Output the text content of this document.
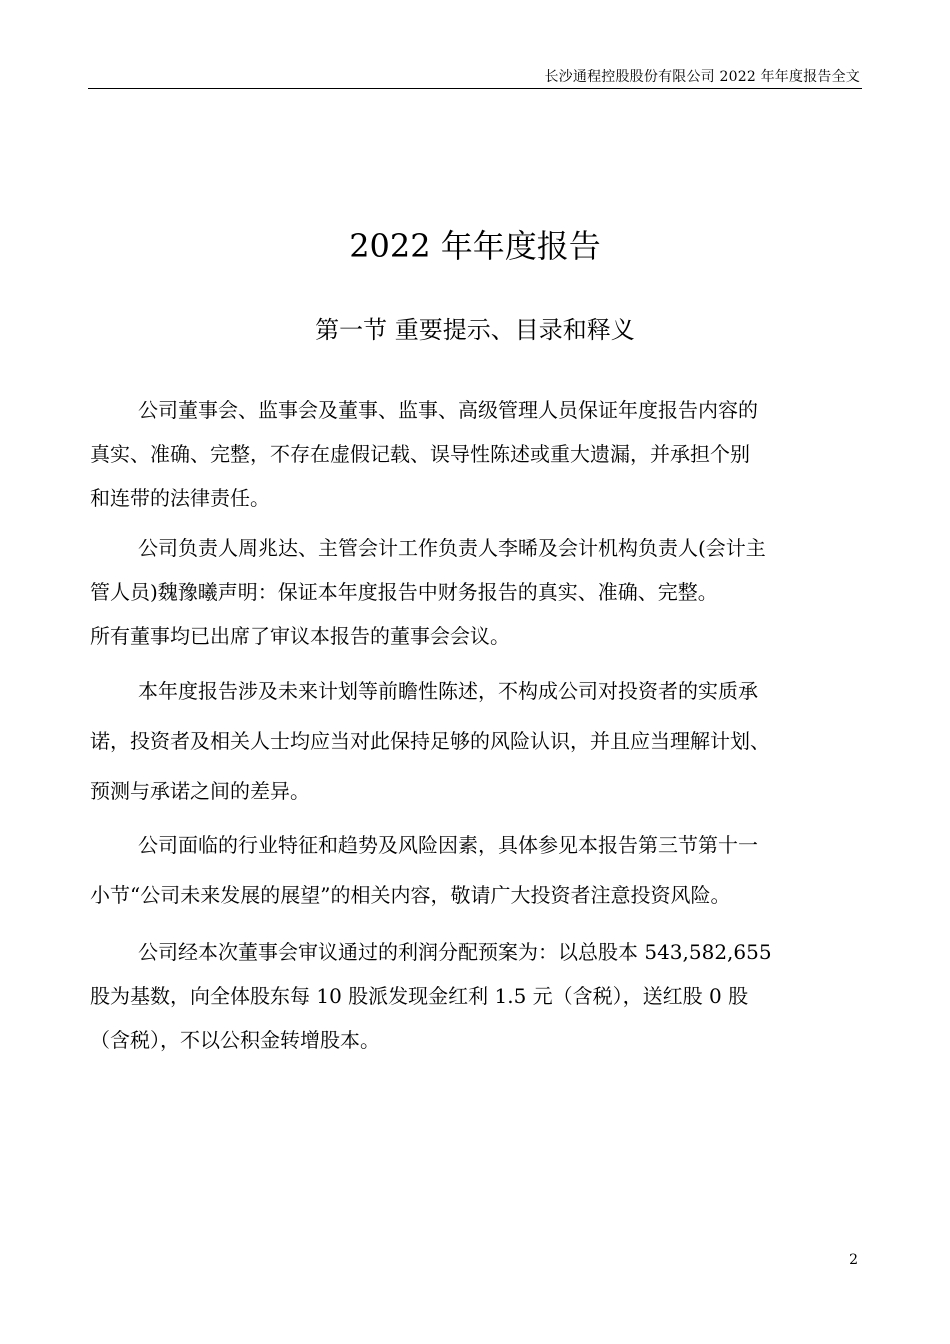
长沙通程控股股份有限公司 2022 年年度报告全文
2022 年年度报告
第一节 重要提示、目录和释义
公司董事会、监事会及董事、监事、高级管理人员保证年度报告内容的
真实、准确、完整，不存在虚假记载、误导性陈述或重大遗漏，并承担个别
和连带的法律责任。
公司负责人周兆达、主管会计工作负责人李晞及会计机构负责人(会计主
管人员)魏豫曦声明：保证本年度报告中财务报告的真实、准确、完整。
所有董事均已出席了审议本报告的董事会会议。
本年度报告涉及未来计划等前瞻性陈述，不构成公司对投资者的实质承
诺，投资者及相关人士均应当对此保持足够的风险认识，并且应当理解计划、
预测与承诺之间的差异。
公司面临的行业特征和趋势及风险因素，具体参见本报告第三节第十一
小节“公司未来发展的展望”的相关内容，敬请广大投资者注意投资风险。
公司经本次董事会审议通过的利润分配预案为：以总股本 543,582,655
股为基数，向全体股东每 10 股派发现金红利 1.5 元（含税），送红股 0 股
（含税），不以公积金转增股本。
2
